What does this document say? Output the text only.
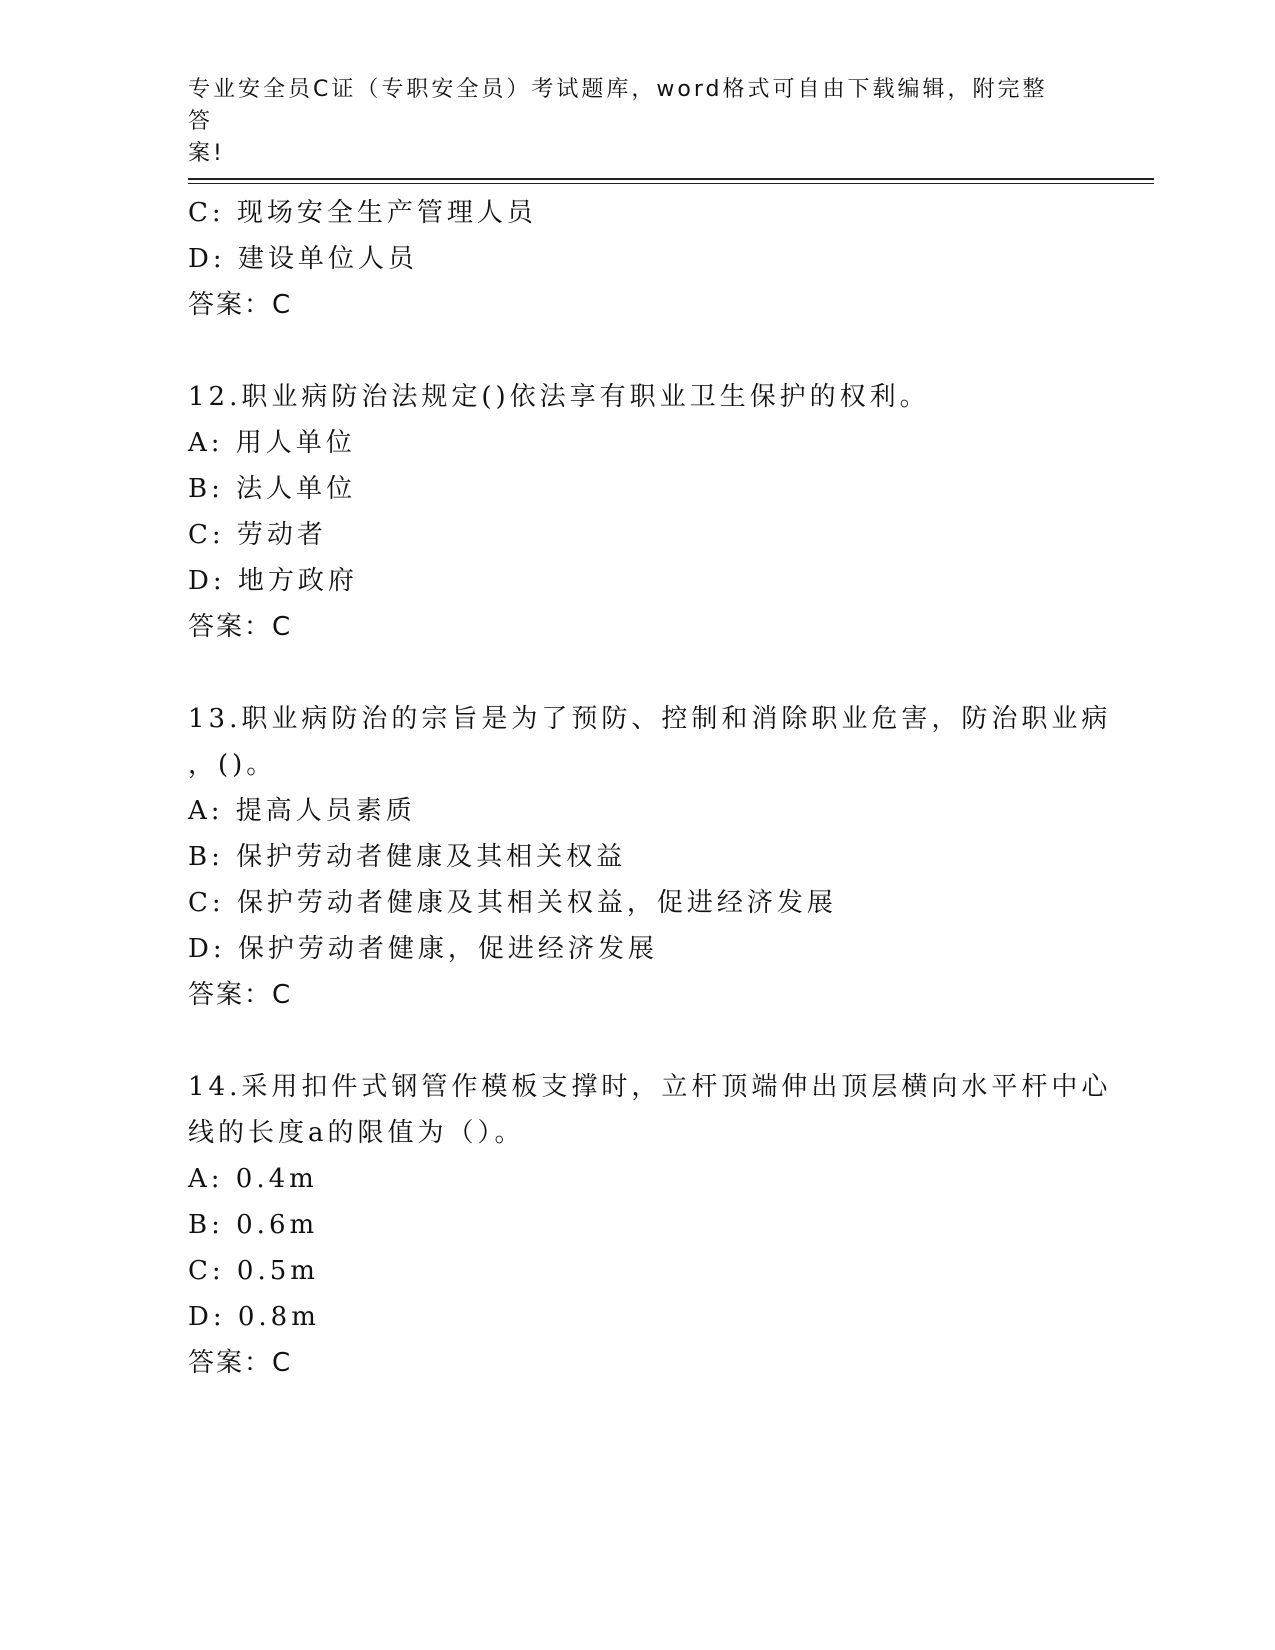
专业安全员C证（专职安全员）考试题库，word格式可自由下载编辑，附完整答
案!
C: 现场安全生产管理人员
D: 建设单位人员
答案：C
12.职业病防治法规定()依法享有职业卫生保护的权利。
A: 用人单位
B: 法人单位
C: 劳动者
D: 地方政府
答案：C
13.职业病防治的宗旨是为了预防、控制和消除职业危害，防治职业病
，()。
A: 提高人员素质
B: 保护劳动者健康及其相关权益
C: 保护劳动者健康及其相关权益，促进经济发展
D: 保护劳动者健康，促进经济发展
答案：C
14.采用扣件式钢管作模板支撑时，立杆顶端伸出顶层横向水平杆中心
线的长度a的限值为（）。
A: 0.4m
B: 0.6m
C: 0.5m
D: 0.8m
答案：C
